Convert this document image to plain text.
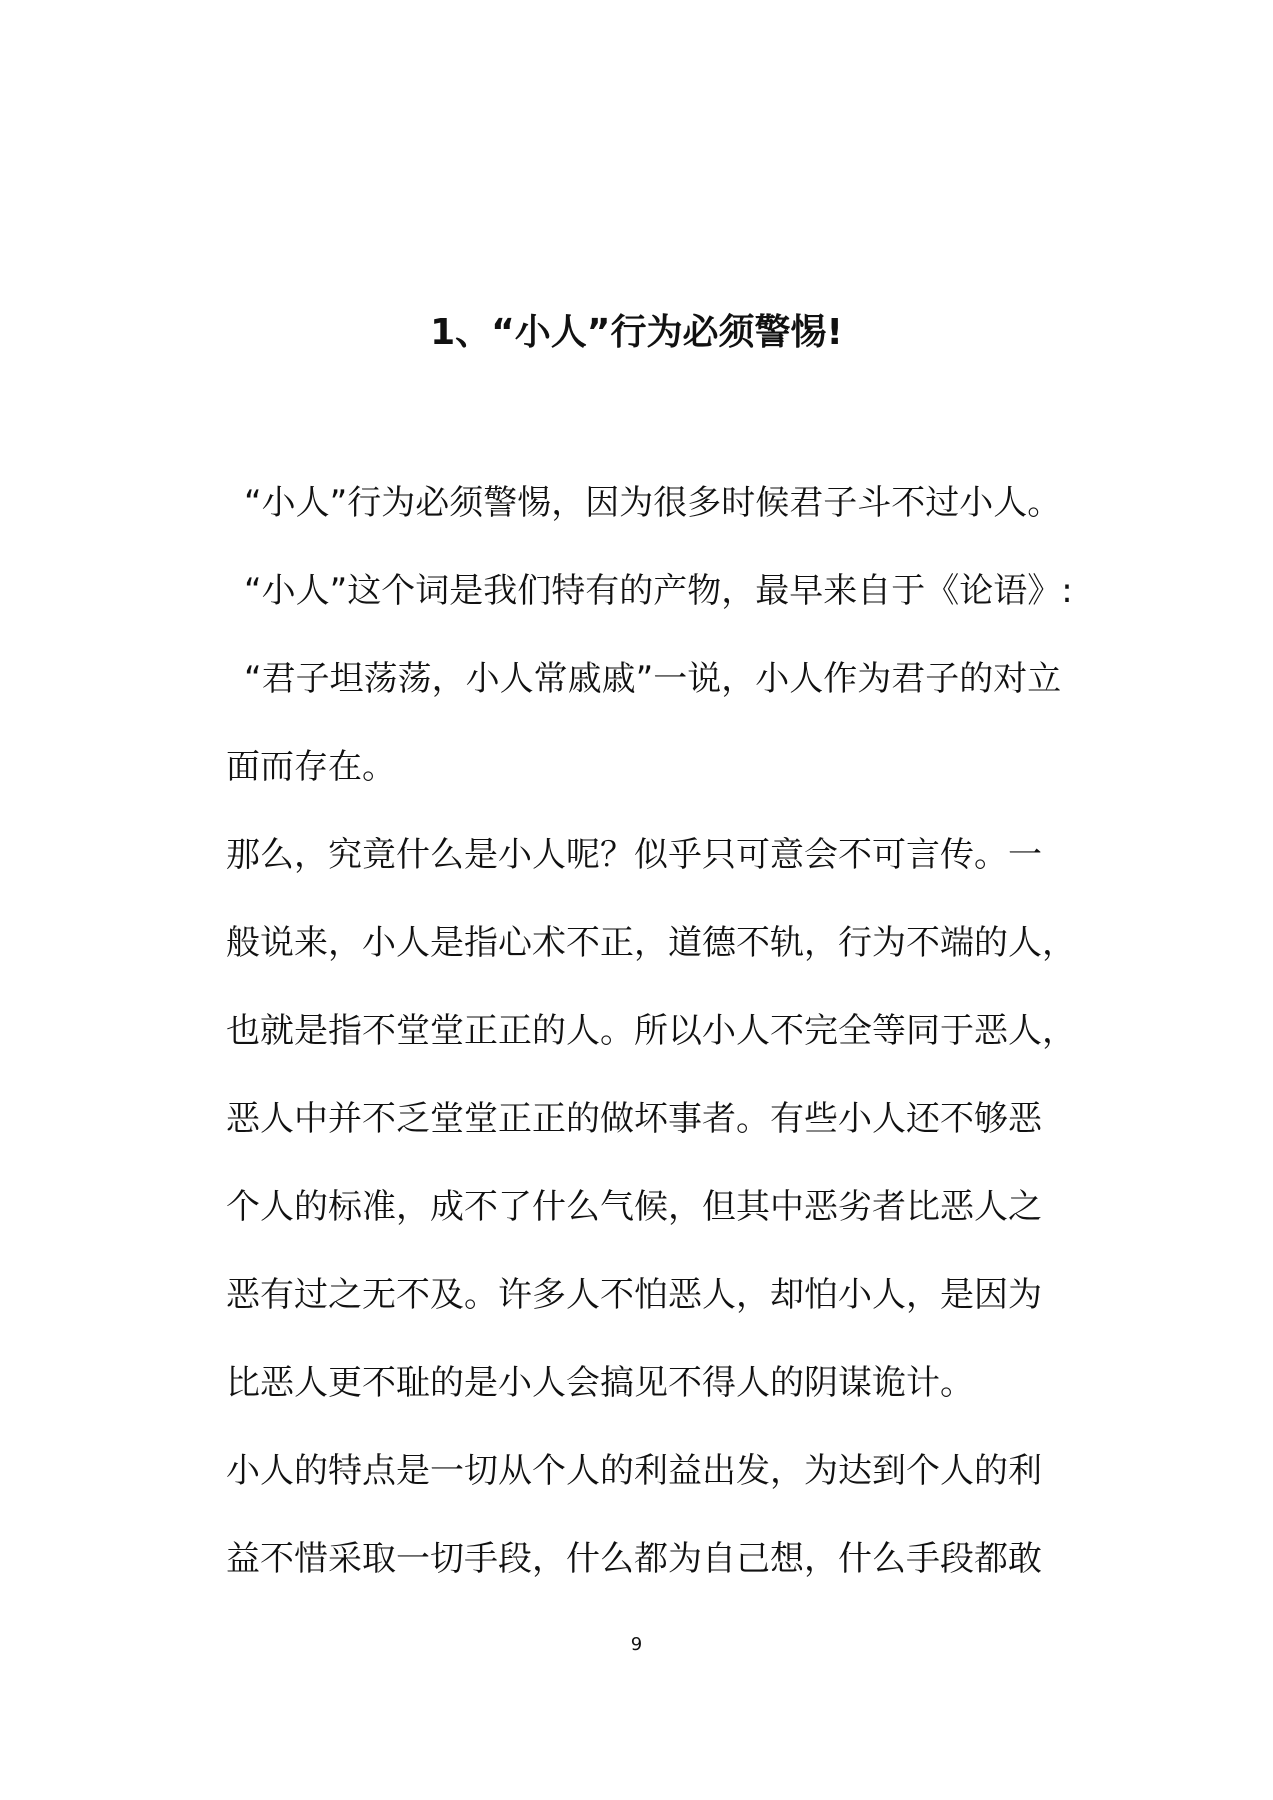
1、“小人”行为必须警惕!
“小人”行为必须警惕，因为很多时候君子斗不过小人。
“小人”这个词是我们特有的产物，最早来自于《论语》:
“君子坦荡荡，小人常戚戚”一说，小人作为君子的对立
面而存在。
那么，究竟什么是小人呢？似乎只可意会不可言传。一
般说来，小人是指心术不正，道德不轨，行为不端的人，
也就是指不堂堂正正的人。所以小人不完全等同于恶人，
恶人中并不乏堂堂正正的做坏事者。有些小人还不够恶
个人的标准，成不了什么气候，但其中恶劣者比恶人之
恶有过之无不及。许多人不怕恶人，却怕小人，是因为
比恶人更不耻的是小人会搞见不得人的阴谋诡计。
小人的特点是一切从个人的利益出发，为达到个人的利
益不惜采取一切手段，什么都为自己想，什么手段都敢
9
